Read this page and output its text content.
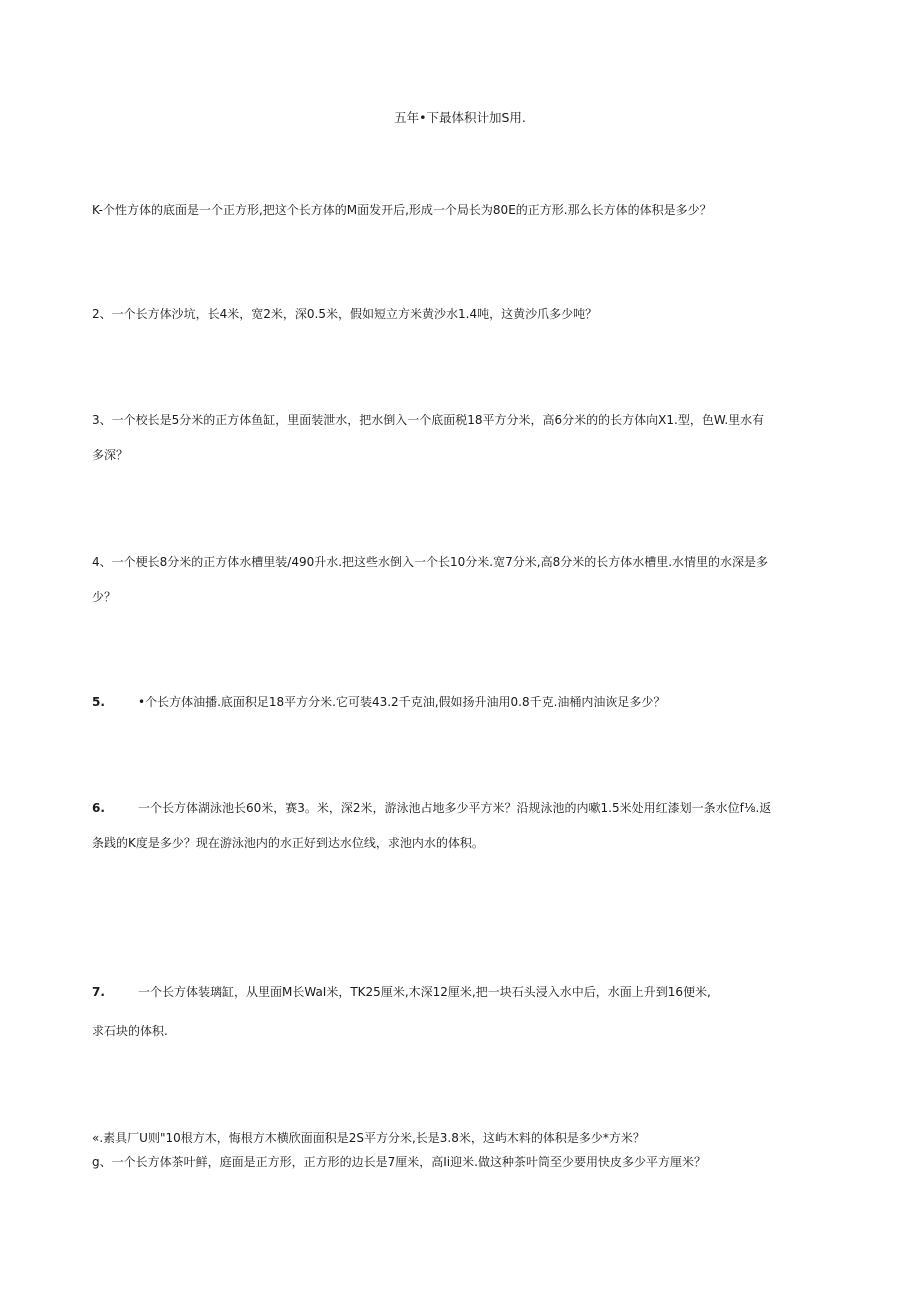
五年•下最体积计加S用.
K-个性方体的底面是一个正方形,把这个长方体的M面发开后,形成一个局长为80E的正方形.那么长方体的体积是多少？
2、一个长方体沙坑，长4米，宽2米，深0.5米，假如短立方米黄沙水1.4吨，这黄沙爪多少吨？
3、一个校长是5分米的正方体鱼缸，里面装泄水，把水倒入一个底面税18平方分米，高6分米的的长方体向X1.型，色W.里水有
多深？
4、一个梗长8分米的正方体水槽里装/490升水.把这些水倒入一个长10分米.宽7分米,高8分米的长方体水槽里.水情里的水深是多
少？
5.	•个长方体油播.底面积足18平方分米.它可装43.2千克油,假如扬升油用0.8千克.油桶内油诙足多少？
6.	一个长方体湖泳池长60米，赛3。米，深2米，游泳池占地多少平方米？沿规泳池的内嗽1.5米处用红漆划一条水位f⅛.返
条践的K度是多少？现在游泳池内的水正好到达水位线，求池内水的体积。
7.	一个长方体装璃缸，从里面M长WaI米，TK25厘米,木深12厘米,把一块石头浸入水中后，水面上升到16便米,
求石块的体积.
«.素具厂U则"10根方木，悔根方木横欣面面积是2S平方分米,长是3.8米，这屿木料的体积是多少*方米？
g、一个长方体茶叶鲜，庭面是正方形，正方形的边长是7厘米，高Ii迎米.做这种茶叶筒至少要用快皮多少平方厘米？
